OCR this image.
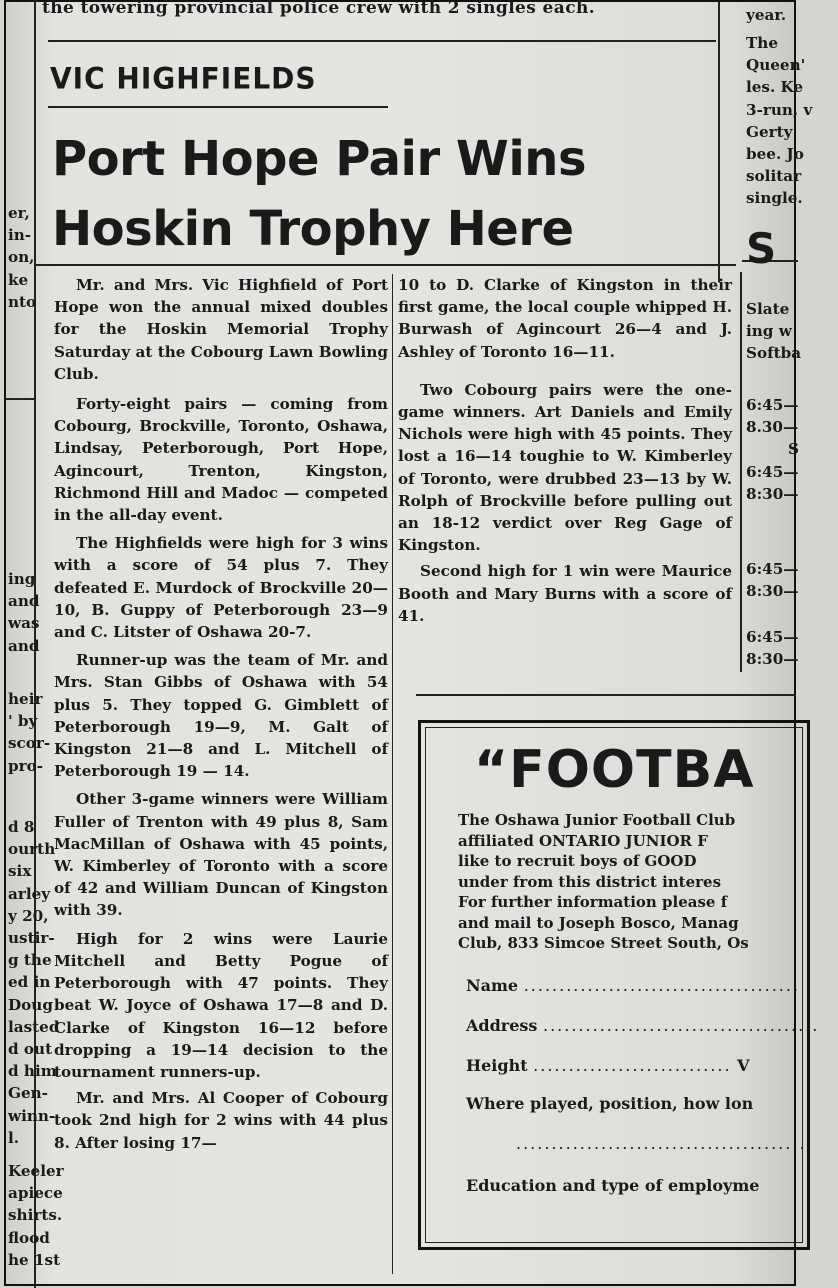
the towering provincial police crew with 2 singles each.
VIC HIGHFIELDS
Port Hope Pair Wins
Hoskin Trophy Here

Mr. and Mrs. Vic Highfield of Port Hope won the annual mixed doubles for the Hoskin Memorial Trophy Saturday at the Cobourg Lawn Bowling Club.

Forty-eight pairs — coming from Cobourg, Brockville, Toronto, Oshawa, Lindsay, Peterborough, Port Hope, Agincourt, Trenton, Kingston, Richmond Hill and Madoc — competed in the all-day event.

The Highfields were high for 3 wins with a score of 54 plus 7. They defeated E. Murdock of Brockville 20—10, B. Guppy of Peterborough 23—9 and C. Litster of Oshawa 20-7.

Runner-up was the team of Mr. and Mrs. Stan Gibbs of Oshawa with 54 plus 5. They topped G. Gimblett of Peterborough 19—9, M. Galt of Kingston 21—8 and L. Mitchell of Peterborough 19 — 14.

Other 3-game winners were William Fuller of Trenton with 49 plus 8, Sam MacMillan of Oshawa with 45 points, W. Kimberley of Toronto with a score of 42 and William Duncan of Kingston with 39.

High for 2 wins were Laurie Mitchell and Betty Pogue of Peterborough with 47 points. They beat W. Joyce of Oshawa 17—8 and D. Clarke of Kingston 16—12 before dropping a 19—14 decision to the tournament runners-up.

Mr. and Mrs. Al Cooper of Cobourg took 2nd high for 2 wins with 44 plus 8. After losing 17—

10 to D. Clarke of Kingston in their first game, the local couple whipped H. Burwash of Agincourt 26—4 and J. Ashley of Toronto 16—11.

Two Cobourg pairs were the one-game winners. Art Daniels and Emily Nichols were high with 45 points. They lost a 16—14 toughie to W. Kimberley of Toronto, were drubbed 23—13 by W. Rolph of Brockville before pulling out an 18-12 verdict over Reg Gage of Kingston.

Second high for 1 win were Maurice Booth and Mary Burns with a score of 41.

er,
in-
on,
ke
nto
ing
and
was
and
heir
' by
scor-
pro-
d 8
ourth
six
arley
y 20,
ustir-
g the
ed in
Doug
lasted
d out
d him
Gen-
winn-
l.
Keeler
apiece
shirts.
flood
he 1st
year.
The
Queen'
les. Ke
3-run, v
Gerty
bee. Jo
solitar
single.
S
Slate
ing w
Softba
6:45—
8.30—
S
6:45—
8:30—
6:45—
8:30—
6:45—
8:30—
“FOOTBA
The Oshawa Junior Football Club
affiliated ONTARIO JUNIOR F
like to recruit boys of GOOD
under from this district interes
For further information please f
and mail to Joseph Bosco, Manag
Club, 833 Simcoe Street South, Os
Name .......................................
Address .......................................
Height ............................ V
Where played, position, how lon
..........................................
Education and type of employme
